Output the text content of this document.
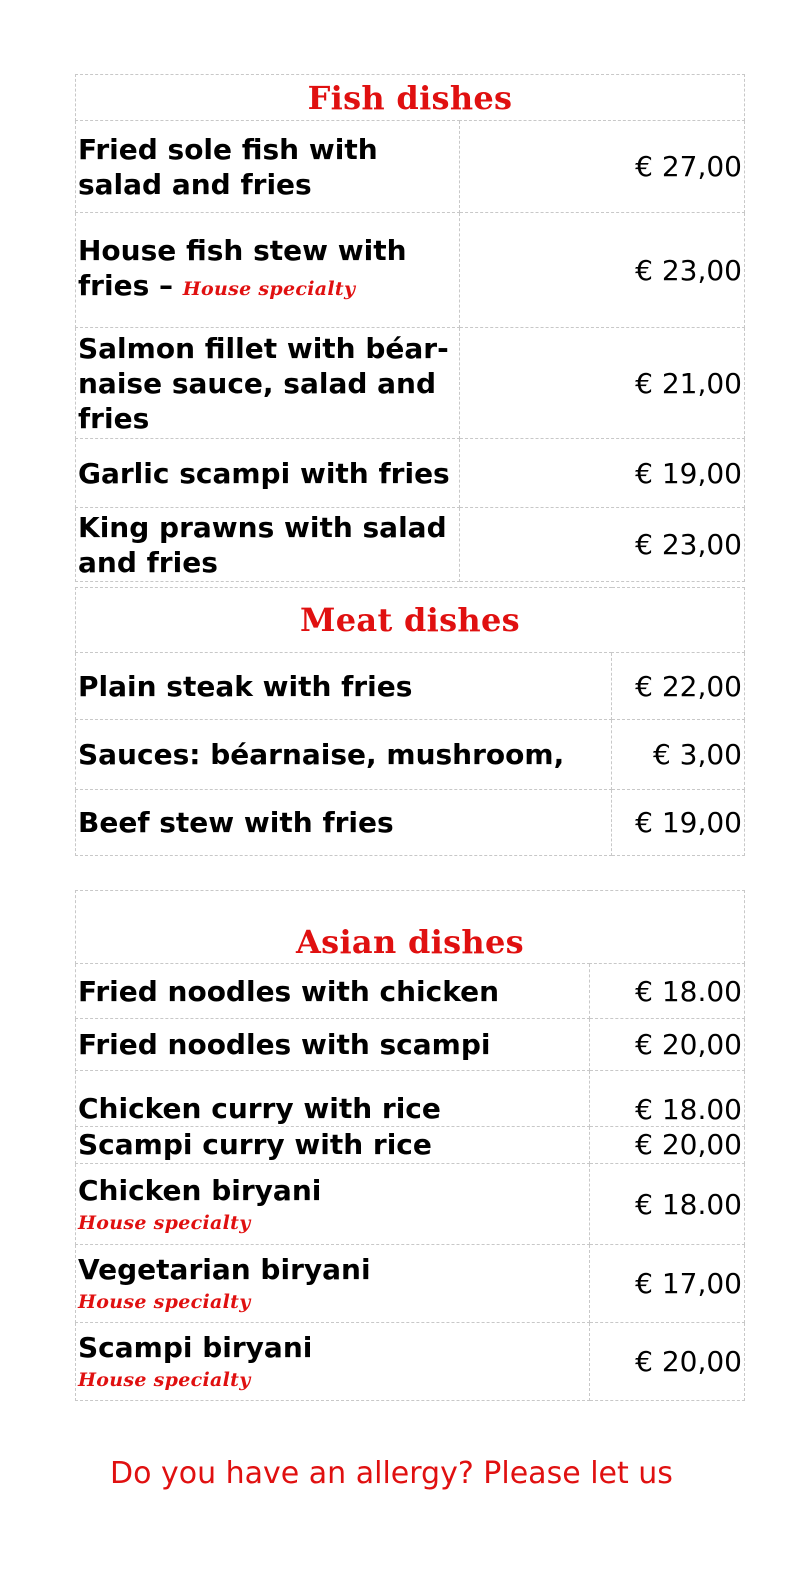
Fish dishes	
Fried sole fish with salad and fries	€ 27,00
House fish stew with fries – House specialty	€ 23,00
Salmon fillet with béar-naise sauce, salad and fries	€ 21,00
Garlic scampi with fries	€ 19,00
King prawns with salad and fries	€ 23,00
Meat dishes	
Plain steak with fries	€ 22,00
Sauces: béarnaise, mushroom,	€ 3,00
Beef stew with fries	€ 19,00
Asian dishes	
Fried noodles with chicken	€ 18.00
Fried noodles with scampi	€ 20,00
Chicken curry with rice	€ 18.00
Scampi curry with rice	€ 20,00

Chicken biryani
House specialty	€ 18.00

Vegetarian biryani
House specialty	€ 17,00

Scampi biryani
House specialty	€ 20,00
Do you have an allergy? Please let us
